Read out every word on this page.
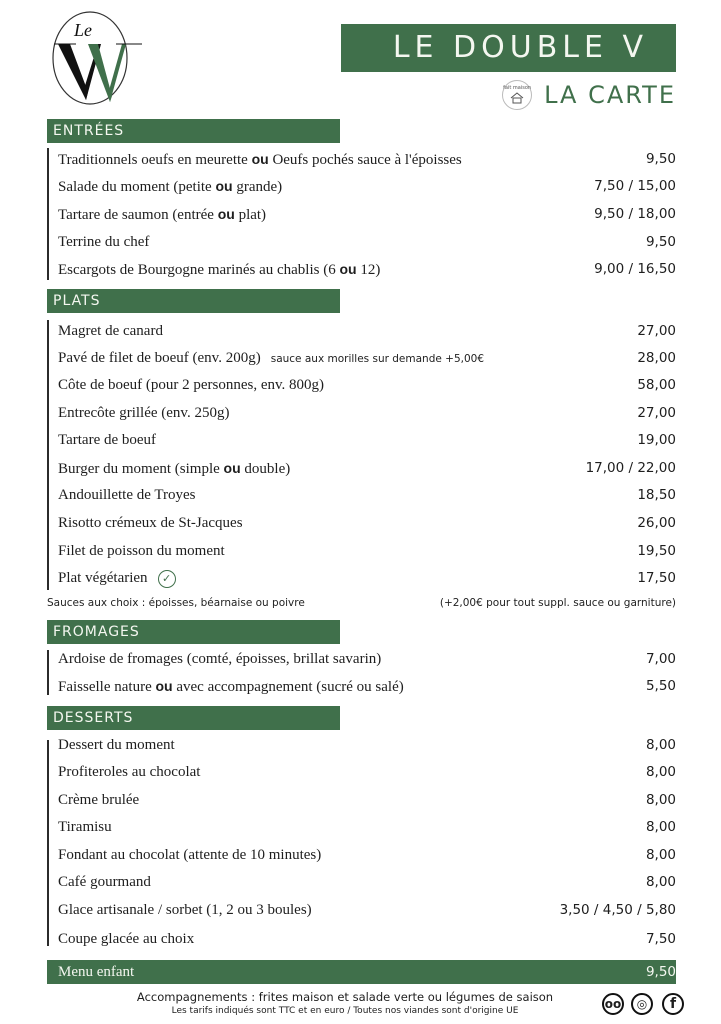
Le	LE DOUBLE V
fait maison LA CARTE
ENTRÉES
Traditionnels oeufs en meurette ou Oeufs pochés sauce à l'époisses	9,50
Salade du moment (petite ou grande)	7,50 / 15,00
Tartare de saumon (entrée ou plat)	9,50 / 18,00
Terrine du chef	9,50
Escargots de Bourgogne marinés au chablis (6 ou 12)	9,00 / 16,50
PLATS
Magret de canard	27,00
Pavé de filet de boeuf (env. 200g) sauce aux morilles sur demande +5,00€	28,00
Côte de boeuf (pour 2 personnes, env. 800g)	58,00
Entrecôte grillée (env. 250g)	27,00
Tartare de boeuf	19,00
Burger du moment (simple ou double)	17,00 / 22,00
Andouillette de Troyes	18,50
Risotto crémeux de St-Jacques	26,00
Filet de poisson du moment	19,50
Plat végétarien ✓	17,50
Sauces aux choix : époisses, béarnaise ou poivre	(+2,00€ pour tout suppl. sauce ou garniture)
FROMAGES
Ardoise de fromages (comté, époisses, brillat savarin)	7,00
Faisselle nature ou avec accompagnement (sucré ou salé)	5,50
DESSERTS
Dessert du moment	8,00
Profiteroles au chocolat	8,00
Crème brulée	8,00
Tiramisu	8,00
Fondant au chocolat (attente de 10 minutes)	8,00
Café gourmand	8,00
Glace artisanale / sorbet (1, 2 ou 3 boules)	3,50 / 4,50 / 5,80
Coupe glacée au choix	7,50
Menu enfant	9,50
Accompagnements : frites maison et salade verte ou légumes de saison
Les tarifs indiqués sont TTC et en euro / Toutes nos viandes sont d'origine UE	oo	◎	f
